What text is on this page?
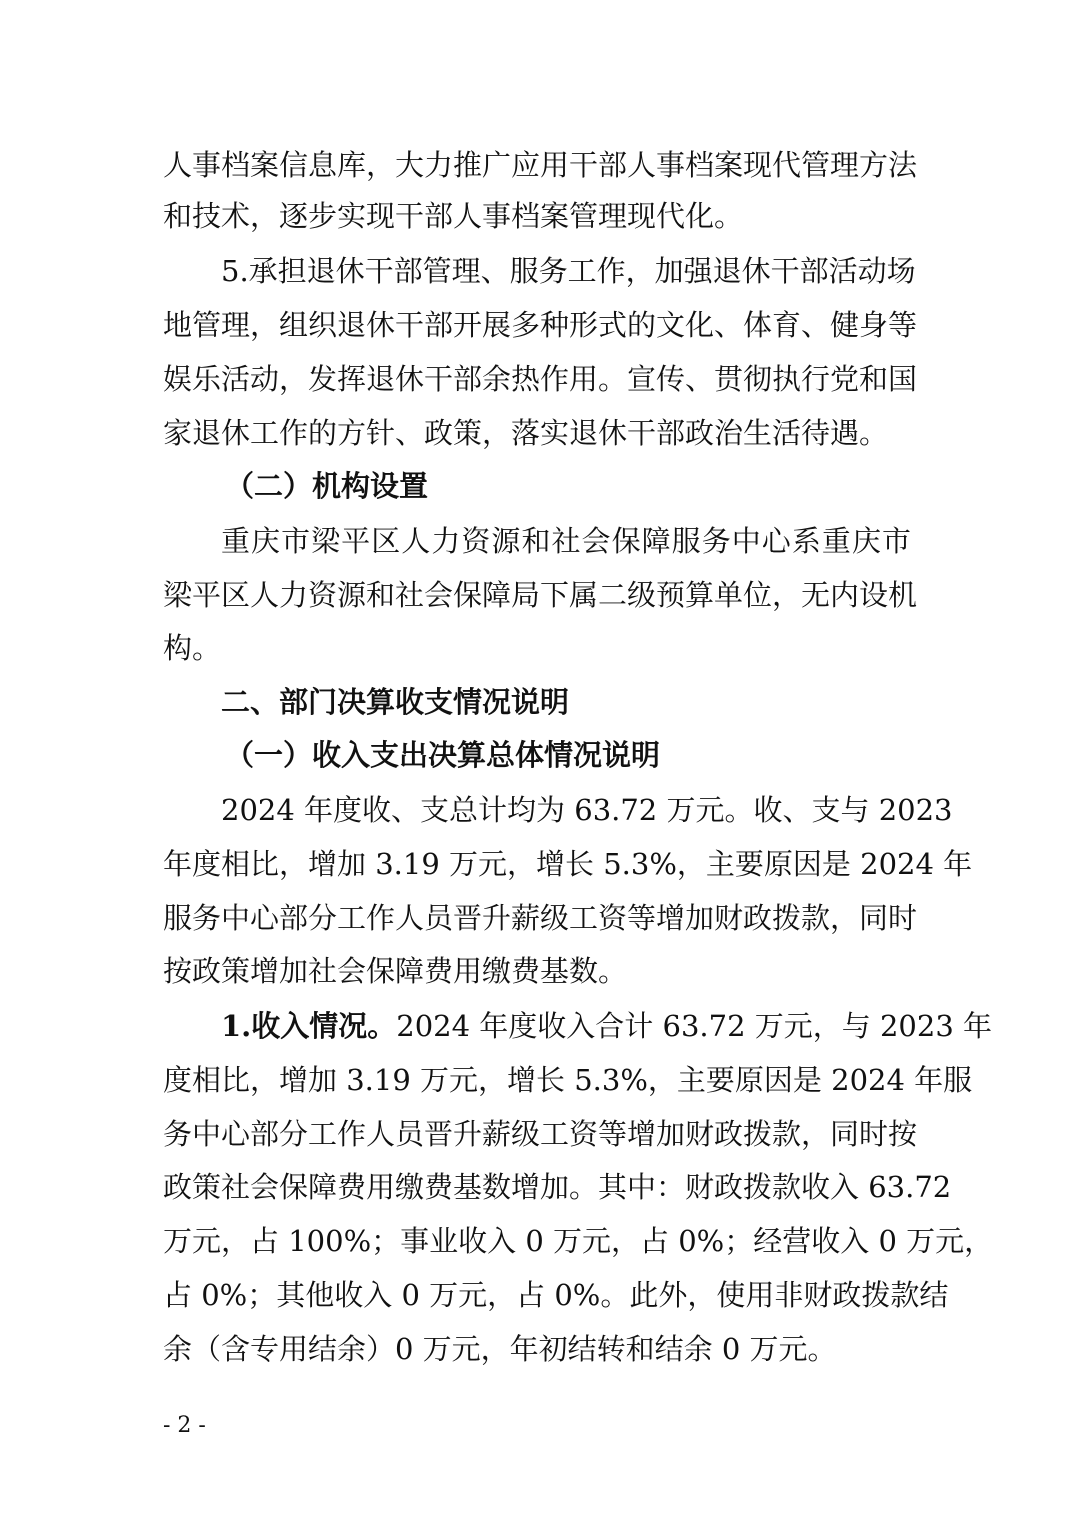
人事档案信息库，大力推广应用干部人事档案现代管理方法
和技术，逐步实现干部人事档案管理现代化。
5.承担退休干部管理、服务工作，加强退休干部活动场
地管理，组织退休干部开展多种形式的文化、体育、健身等
娱乐活动，发挥退休干部余热作用。宣传、贯彻执行党和国
家退休工作的方针、政策，落实退休干部政治生活待遇。
（二）机构设置
重庆市梁平区人力资源和社会保障服务中心系重庆市
梁平区人力资源和社会保障局下属二级预算单位，无内设机
构。
二、部门决算收支情况说明
（一）收入支出决算总体情况说明
2024 年度收、支总计均为 63.72 万元。收、支与 2023
年度相比，增加 3.19 万元，增长 5.3%，主要原因是 2024 年
服务中心部分工作人员晋升薪级工资等增加财政拨款，同时
按政策增加社会保障费用缴费基数。
1.收入情况。 2024 年度收入合计 63.72 万元，与 2023 年
度相比，增加 3.19 万元，增长 5.3%，主要原因是 2024 年服
务中心部分工作人员晋升薪级工资等增加财政拨款，同时按
政策社会保障费用缴费基数增加。其中：财政拨款收入 63.72
万元，占 100%；事业收入 0 万元，占 0%；经营收入 0 万元，
占 0%；其他收入 0 万元，占 0%。此外，使用非财政拨款结
余（含专用结余）0 万元，年初结转和结余 0 万元。
- 2 -
